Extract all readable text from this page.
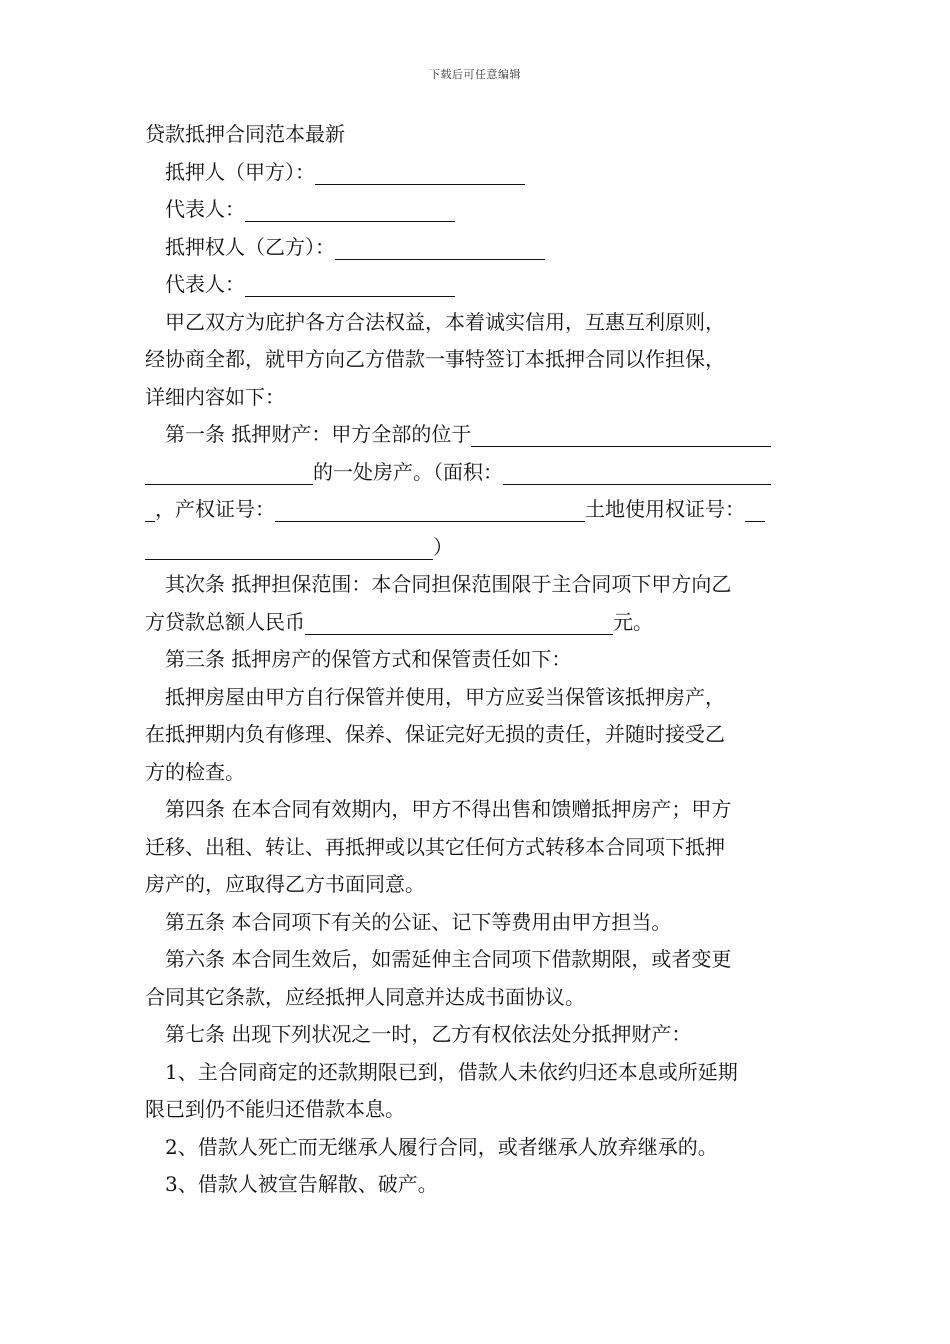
下载后可任意编辑
贷款抵押合同范本最新
抵押人（甲方）：
代表人：
抵押权人（乙方）：
代表人：
甲乙双方为庇护各方合法权益，本着诚实信用，互惠互利原则，
经协商全都，就甲方向乙方借款一事特签订本抵押合同以作担保，
详细内容如下：
第一条 抵押财产：甲方全部的位于
的一处房产。（面积：
，产权证号：	土地使用权证号：
）
其次条 抵押担保范围：本合同担保范围限于主合同项下甲方向乙
方贷款总额人民币	元。
第三条 抵押房产的保管方式和保管责任如下：
抵押房屋由甲方自行保管并使用，甲方应妥当保管该抵押房产，
在抵押期内负有修理、保养、保证完好无损的责任，并随时接受乙
方的检查。
第四条 在本合同有效期内，甲方不得出售和馈赠抵押房产；甲方
迁移、出租、转让、再抵押或以其它任何方式转移本合同项下抵押
房产的，应取得乙方书面同意。
第五条 本合同项下有关的公证、记下等费用由甲方担当。
第六条 本合同生效后，如需延伸主合同项下借款期限，或者变更
合同其它条款，应经抵押人同意并达成书面协议。
第七条 出现下列状况之一时，乙方有权依法处分抵押财产：
1、主合同商定的还款期限已到，借款人未依约归还本息或所延期
限已到仍不能归还借款本息。
2、借款人死亡而无继承人履行合同，或者继承人放弃继承的。
3、借款人被宣告解散、破产。
